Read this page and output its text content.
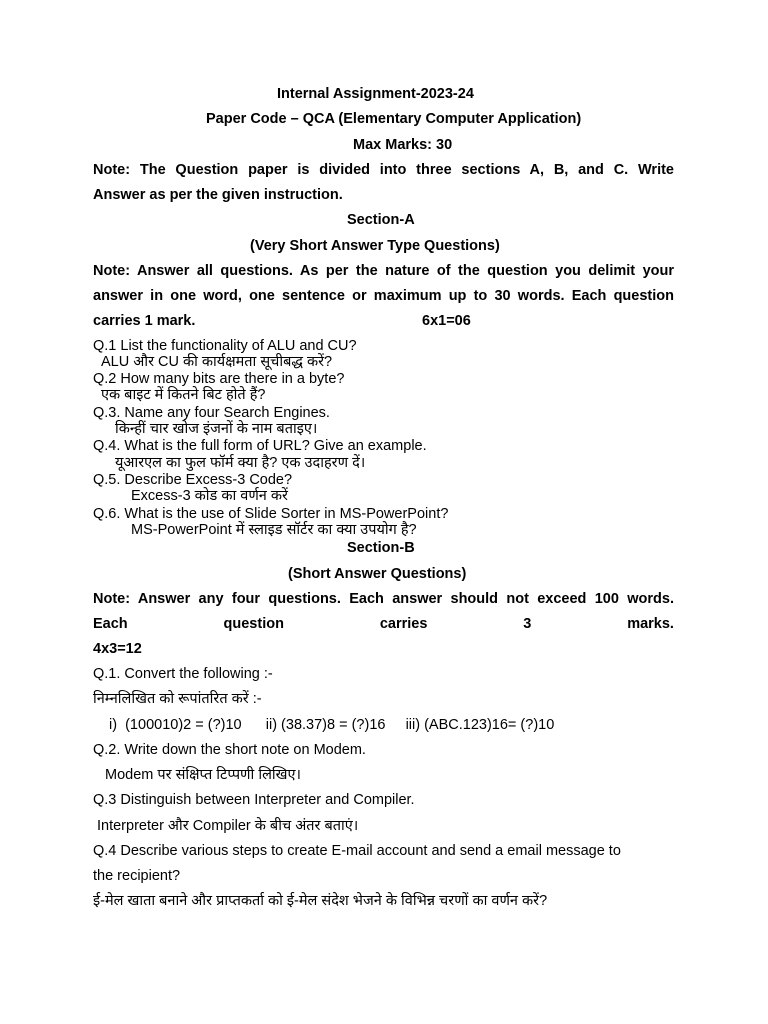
Internal Assignment-2023-24
Paper Code – QCA (Elementary Computer Application)
Max Marks: 30
Note: The Question paper is divided into three sections A, B, and C. Write
Answer as per the given instruction.
Section-A
(Very Short Answer Type Questions)
Note: Answer all questions. As per the nature of the question you delimit your
answer in one word, one sentence or maximum up to 30 words. Each question
carries 1 mark.	6x1=06
Q.1 List the functionality of ALU and CU?
ALU और CU की कार्यक्षमता सूचीबद्ध करें?
Q.2 How many bits are there in a byte?
एक बाइट में कितने बिट होते हैं?
Q.3. Name any four Search Engines.
किन्हीं चार खोज इंजनों के नाम बताइए।
Q.4. What is the full form of URL? Give an example.
यूआरएल का फुल फॉर्म क्या है? एक उदाहरण दें।
Q.5. Describe Excess-3 Code?
Excess-3 कोड का वर्णन करें
Q.6. What is the use of Slide Sorter in MS-PowerPoint?
MS-PowerPoint में स्लाइड सॉर्टर का क्या उपयोग है?
Section-B
(Short Answer Questions)
Note: Answer any four questions. Each answer should not exceed 100 words.
Each	question	carries	3	marks.
4x3=12
Q.1. Convert the following :-
निम्नलिखित को रूपांतरित करें :-
i)  (100010)2 = (?)10      ii) (38.37)8 = (?)16     iii) (ABC.123)16= (?)10
Q.2. Write down the short note on Modem.
Modem पर संक्षिप्त टिप्पणी लिखिए।
Q.3 Distinguish between Interpreter and Compiler.
Interpreter और Compiler के बीच अंतर बताएं।
Q.4 Describe various steps to create E-mail account and send a email message to
the recipient?
ई-मेल खाता बनाने और प्राप्तकर्ता को ई-मेल संदेश भेजने के विभिन्न चरणों का वर्णन करें?
